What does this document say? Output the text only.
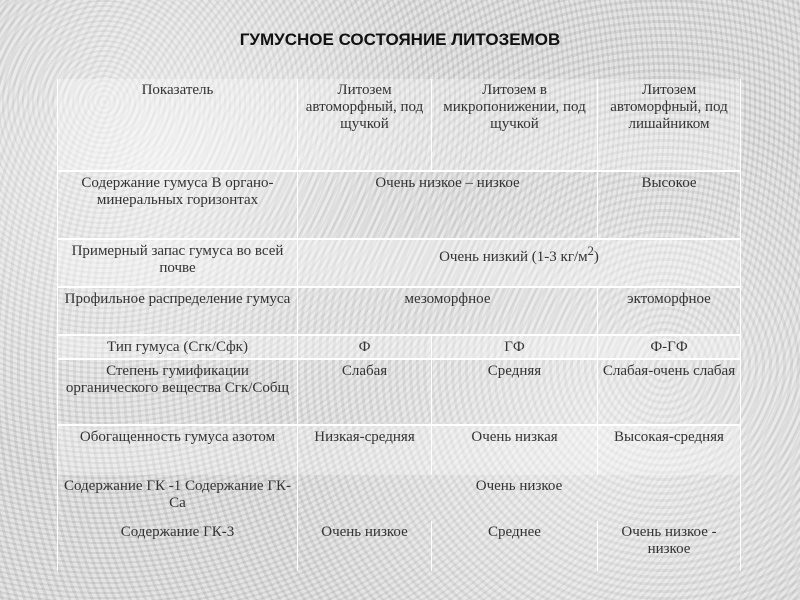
ГУМУСНОЕ СОСТОЯНИЕ ЛИТОЗЕМОВ
Показатель	Литозем автоморфный, под щучкой	Литозем в микропонижении, под щучкой	Литозем автоморфный, под лишайником
Содержание гумуса В органо-минеральных горизонтах	Очень низкое – низкое		Высокое
Примерный запас гумуса во всей почве	Очень низкий (1-3 $кг/м^2$)		
Профильное распределение гумуса	мезоморфное		эктоморфное
Тип гумуса (Сгк/Сфк)	Ф	ГФ	Ф-ГФ
Степень гумификации органического вещества Сгк/Собщ	Слабая	Средняя	Слабая-очень слабая
Обогащенность гумуса азотом	Низкая-средняя	Очень низкая	Высокая-средняя
Содержание ГК -1 Содержание ГК-Са	Очень низкое		
Содержание ГК-3	Очень низкое	Среднее	Очень низкое - низкое
